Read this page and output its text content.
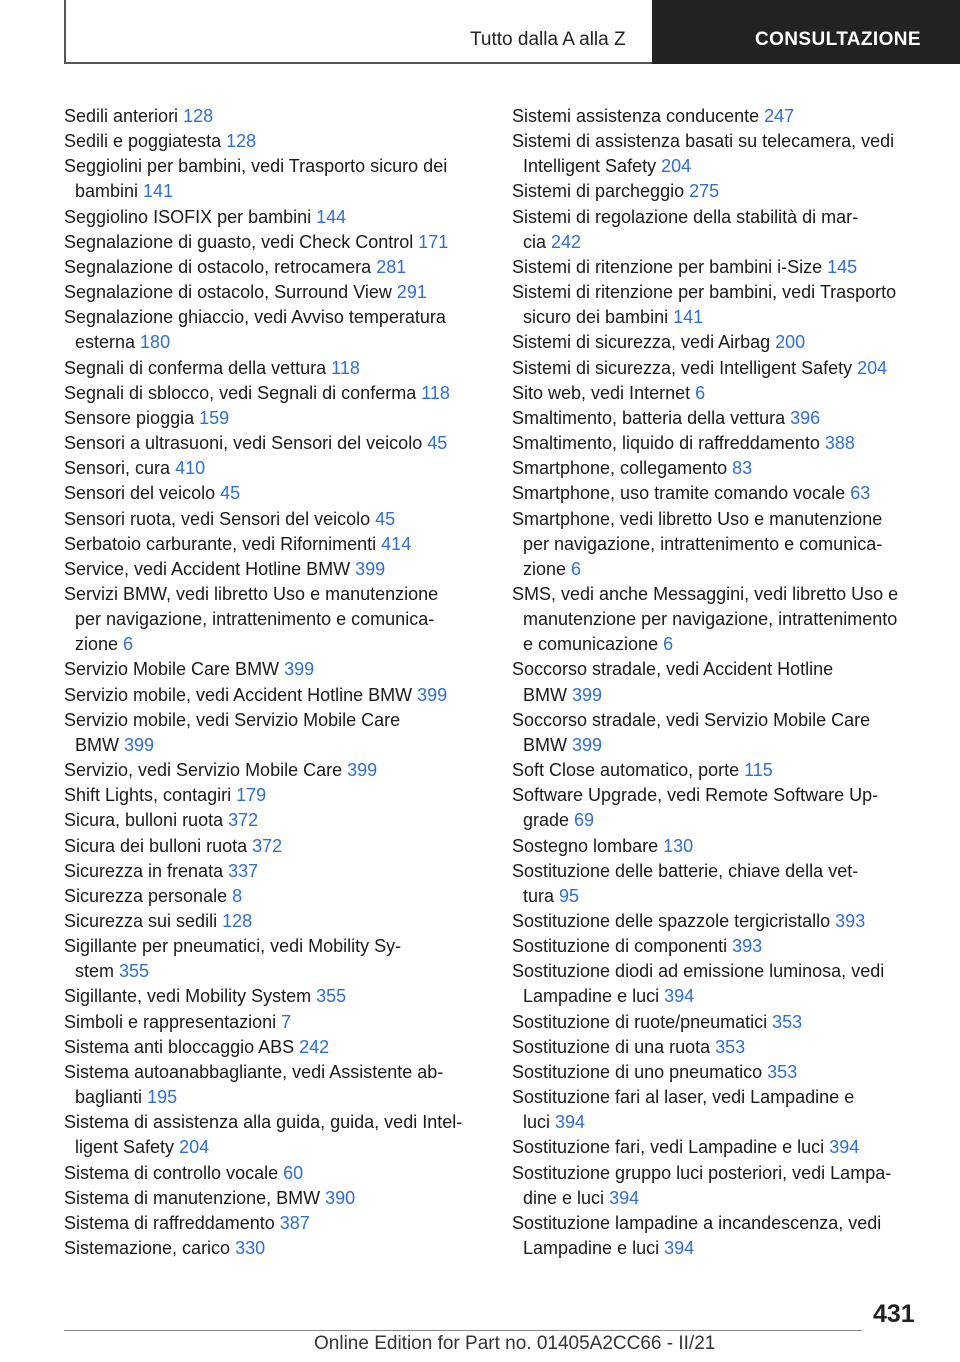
Tutto dalla A alla Z	CONSULTAZIONE
Sedili anteriori 128
Sedili e poggiatesta 128
Seggiolini per bambini, vedi Trasporto sicuro dei
bambini 141
Seggiolino ISOFIX per bambini 144
Segnalazione di guasto, vedi Check Control 171
Segnalazione di ostacolo, retrocamera 281
Segnalazione di ostacolo, Surround View 291
Segnalazione ghiaccio, vedi Avviso temperatura
esterna 180
Segnali di conferma della vettura 118
Segnali di sblocco, vedi Segnali di conferma 118
Sensore pioggia 159
Sensori a ultrasuoni, vedi Sensori del veicolo 45
Sensori, cura 410
Sensori del veicolo 45
Sensori ruota, vedi Sensori del veicolo 45
Serbatoio carburante, vedi Rifornimenti 414
Service, vedi Accident Hotline BMW 399
Servizi BMW, vedi libretto Uso e manutenzione
per navigazione, intrattenimento e comunica‐
zione 6
Servizio Mobile Care BMW 399
Servizio mobile, vedi Accident Hotline BMW 399
Servizio mobile, vedi Servizio Mobile Care
BMW 399
Servizio, vedi Servizio Mobile Care 399
Shift Lights, contagiri 179
Sicura, bulloni ruota 372
Sicura dei bulloni ruota 372
Sicurezza in frenata 337
Sicurezza personale 8
Sicurezza sui sedili 128
Sigillante per pneumatici, vedi Mobility Sy‐
stem 355
Sigillante, vedi Mobility System 355
Simboli e rappresentazioni 7
Sistema anti bloccaggio ABS 242
Sistema autoanabbagliante, vedi Assistente ab‐
baglianti 195
Sistema di assistenza alla guida, guida, vedi Intel‐
ligent Safety 204
Sistema di controllo vocale 60
Sistema di manutenzione, BMW 390
Sistema di raffreddamento 387
Sistemazione, carico 330
Sistemi assistenza conducente 247
Sistemi di assistenza basati su telecamera, vedi
Intelligent Safety 204
Sistemi di parcheggio 275
Sistemi di regolazione della stabilità di mar‐
cia 242
Sistemi di ritenzione per bambini i-Size 145
Sistemi di ritenzione per bambini, vedi Trasporto
sicuro dei bambini 141
Sistemi di sicurezza, vedi Airbag 200
Sistemi di sicurezza, vedi Intelligent Safety 204
Sito web, vedi Internet 6
Smaltimento, batteria della vettura 396
Smaltimento, liquido di raffreddamento 388
Smartphone, collegamento 83
Smartphone, uso tramite comando vocale 63
Smartphone, vedi libretto Uso e manutenzione
per navigazione, intrattenimento e comunica‐
zione 6
SMS, vedi anche Messaggini, vedi libretto Uso e
manutenzione per navigazione, intrattenimento
e comunicazione 6
Soccorso stradale, vedi Accident Hotline
BMW 399
Soccorso stradale, vedi Servizio Mobile Care
BMW 399
Soft Close automatico, porte 115
Software Upgrade, vedi Remote Software Up‐
grade 69
Sostegno lombare 130
Sostituzione delle batterie, chiave della vet‐
tura 95
Sostituzione delle spazzole tergicristallo 393
Sostituzione di componenti 393
Sostituzione diodi ad emissione luminosa, vedi
Lampadine e luci 394
Sostituzione di ruote/pneumatici 353
Sostituzione di una ruota 353
Sostituzione di uno pneumatico 353
Sostituzione fari al laser, vedi Lampadine e
luci 394
Sostituzione fari, vedi Lampadine e luci 394
Sostituzione gruppo luci posteriori, vedi Lampa‐
dine e luci 394
Sostituzione lampadine a incandescenza, vedi
Lampadine e luci 394
431
Online Edition for Part no. 01405A2CC66 - II/21
